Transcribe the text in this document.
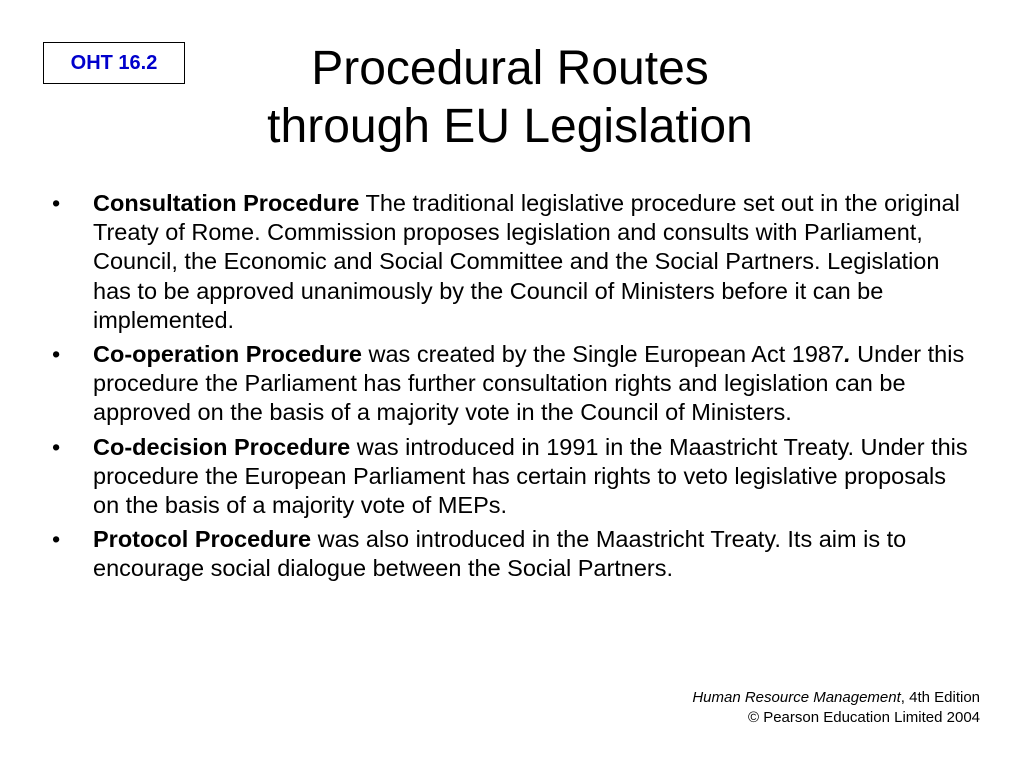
OHT 16.2	Procedural Routes
through EU Legislation
•	Consultation Procedure The traditional legislative procedure set out in the original Treaty of Rome. Commission proposes legislation and consults with Parliament, Council, the Economic and Social Committee and the Social Partners. Legislation has to be approved unanimously by the Council of Ministers before it can be implemented.
•	Co-operation Procedure was created by the Single European Act 1987. Under this procedure the Parliament has further consultation rights and legislation can be approved on the basis of a majority vote in the Council of Ministers.
•	Co-decision Procedure was introduced in 1991 in the Maastricht Treaty. Under this procedure the European Parliament has certain rights to veto legislative proposals on the basis of a majority vote of MEPs.
•	Protocol Procedure was also introduced in the Maastricht Treaty. Its aim is to encourage social dialogue between the Social Partners.
Human Resource Management, 4th Edition
© Pearson Education Limited 2004
